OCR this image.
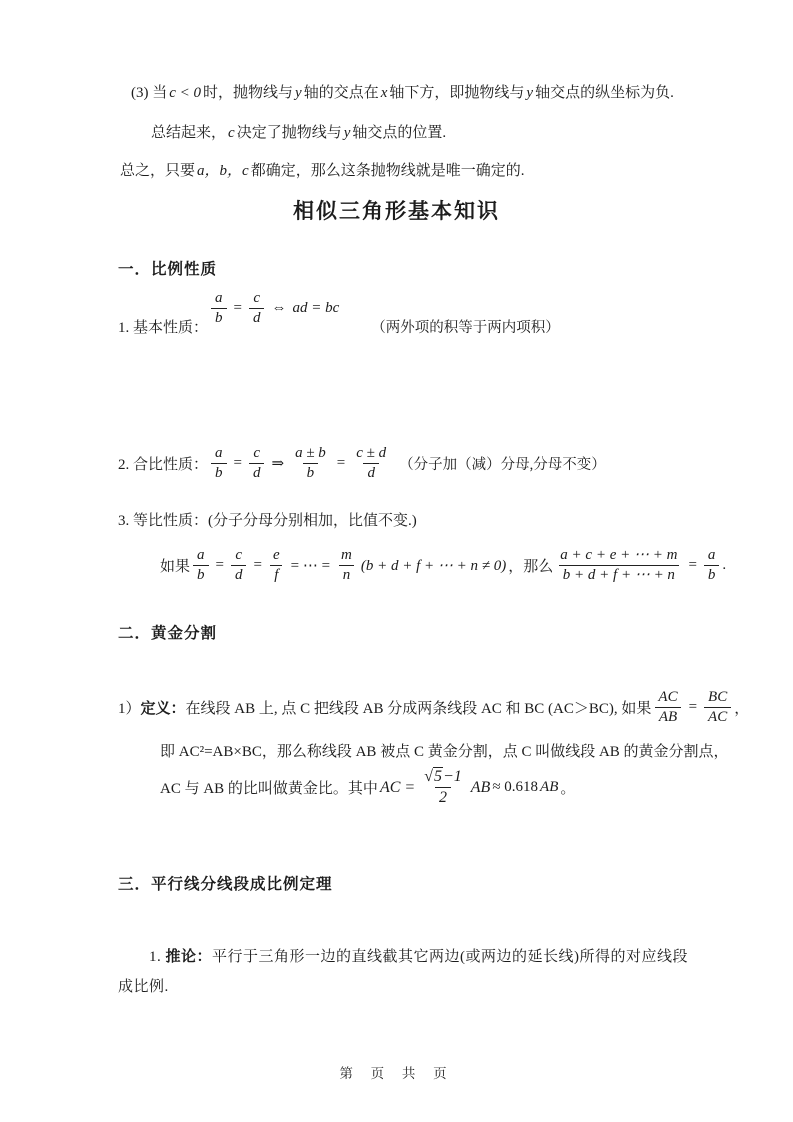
(3) 当 c < 0 时，抛物线与 y 轴的交点在 x 轴下方，即抛物线与 y 轴交点的纵坐标为负.
总结起来， c 决定了抛物线与 y 轴交点的位置.
总之，只要 a，b，c 都确定，那么这条抛物线就是唯一确定的.
相似三角形基本知识
一．比例性质
1. 基本性质： $\frac{a}{b} = \frac{c}{d}$ ⇔ ad = bc
（两外项的积等于两内项积）
2. 合比性质： $\frac{a}{b} = \frac{c}{d}$ ⇒ $\frac{a \pm b}{b} = \frac{c \pm d}{d}$ （分子加（减）分母,分母不变）
3. 等比性质：(分子分母分别相加，比值不变.)
如果 $\frac{a}{b} = \frac{c}{d} = \frac{e}{f}$ = ⋯ = $\frac{m}{n} (b + d + f$ + ⋯ + n ≠ 0) ，那么 $\frac{a + c + e + \cdots + m}{b + d + f + \cdots + n} = \frac{a}{b}$ .
二．黄金分割
1） 定义： 在线段 AB 上, 点 C 把线段 AB 分成两条线段 AC 和 BC (AC＞BC), 如果 $\frac{AC}{AB} = \frac{BC}{AC}$ ，
即 AC²=AB×BC，那么称线段 AB 被点 C 黄金分割，点 C 叫做线段 AB 的黄金分割点，
AC 与 AB 的比叫做黄金比。其中 AC = $\frac{√5-1}{2}$ AB ≈ 0.618 AB 。
三．平行线分线段成比例定理
1. 推论：平行于三角形一边的直线截其它两边(或两边的延长线)所得的对应线段成比例.
第 页 共 页
